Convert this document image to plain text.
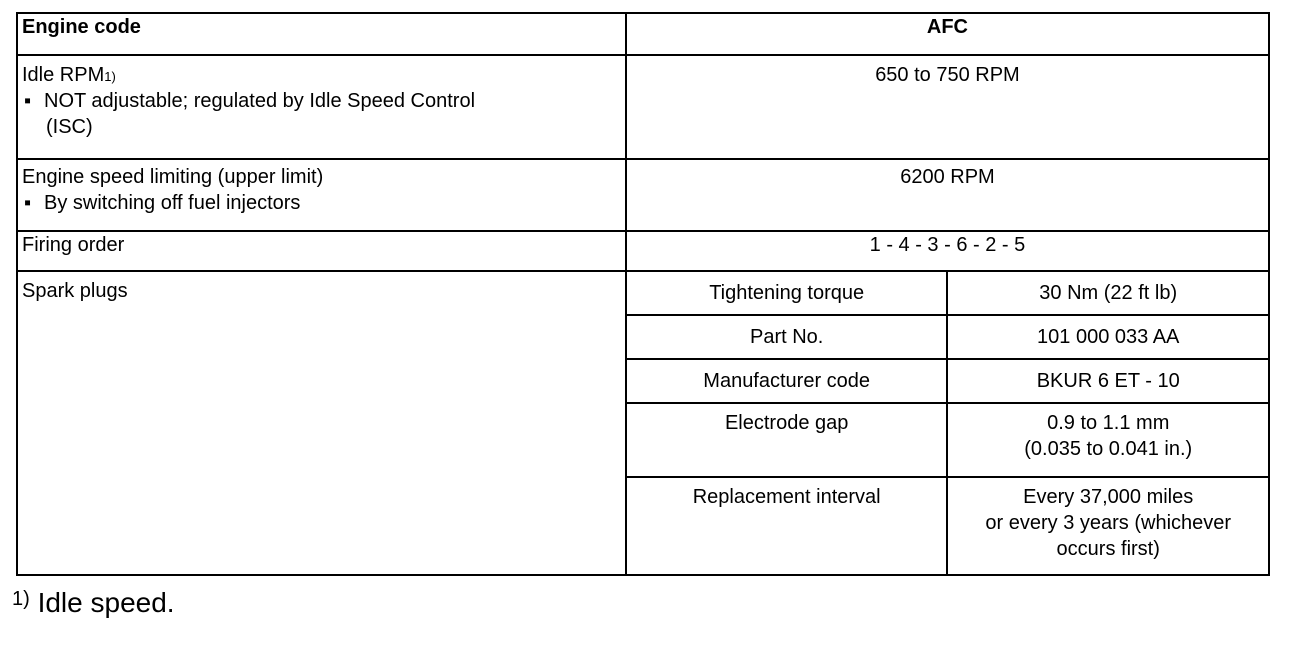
Engine code	AFC	
Idle RPM$^{1)}$
▪ NOT adjustable; regulated by Idle Speed Control
(ISC)	650 to 750 RPM	
Engine speed limiting (upper limit)
▪ By switching off fuel injectors	6200 RPM	
Firing order	1 - 4 - 3 - 6 - 2 - 5	
Spark plugs	Tightening torque	30 Nm (22 ft lb)
	Part No.	101 000 033 AA
	Manufacturer code	BKUR 6 ET - 10
	Electrode gap	0.9 to 1.1 mm
(0.035 to 0.041 in.)
	Replacement interval	Every 37,000 miles
or every 3 years (whichever
occurs first)
$^{1)}$ Idle speed.
